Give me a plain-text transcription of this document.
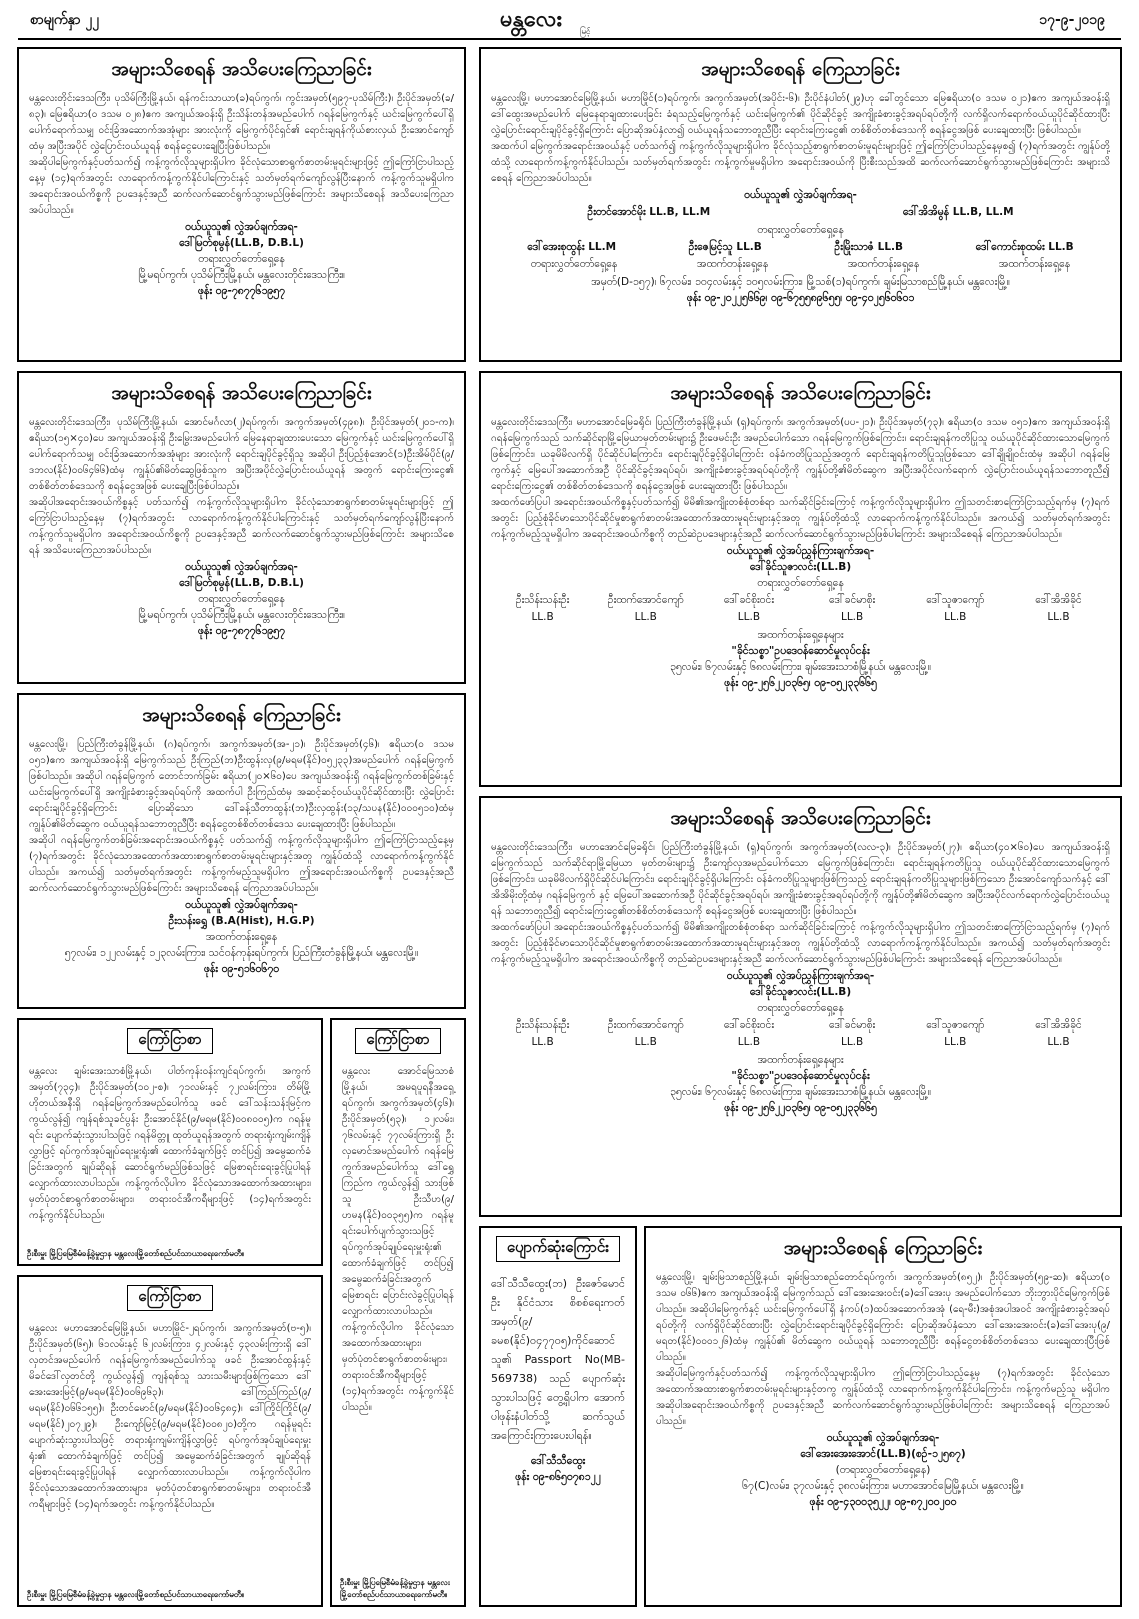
စာမျက်နှာ ၂၂	မန္တလေး မြင့်
၁၇-၉-၂၀၁၉
အများသိစေရန် အသိပေးကြေညာခြင်း

မန္တလေးတိုင်းဒေသကြီး၊ ပုသိမ်ကြီးမြို့နယ်၊ ရန်ကင်းသာယာ(ခ)ရပ်ကွက်၊ ကွင်းအမှတ်(၅၉၇-ပုသိမ်ကြီး)၊ ဦးပိုင်အမှတ်(ခ/၈၃)၊ မြေဧရိယာ(၀ ဒသမ ၀၂၈)ဧက အကျယ်အဝန်းရှိ ဦးသိန်းတန်အမည်ပေါက် ဂရန်မြေကွက်နှင့် ယင်းမြေကွက်ပေါ်ရှိ ပေါက်ရောက်သမျှ ဝင်းခြံအဆောက်အအုံများ အားလုံးကို မြေကွက်ပိုင်ရှင်၏ ရောင်းချရန်ကိုယ်စားလှယ် ဦးအောင်ကျော်ထံမှ အပြီးအပိုင် လွှဲပြောင်းဝယ်ယူရန် စရန်ငွေပေးချေပြီးဖြစ်ပါသည်။

အဆိုပါမြေကွက်နှင့်ပတ်သက်၍ ကန့်ကွက်လိုသူများရှိပါက ခိုင်လုံသောစာရွက်စာတမ်းမူရင်းများဖြင့် ဤကြော်ငြာပါသည့်နေ့မှ (၁၄)ရက်အတွင်း လာရောက်ကန့်ကွက်နိုင်ပါကြောင်းနှင့် သတ်မှတ်ရက်ကျော်လွန်ပြီးနောက် ကန့်ကွက်သူမရှိပါက အရောင်းအဝယ်ကိစ္စကို ဥပဒေနှင့်အညီ ဆက်လက်ဆောင်ရွက်သွားမည်ဖြစ်ကြောင်း အများသိစေရန် အသိပေးကြေညာအပ်ပါသည်။

ဝယ်ယူသူ၏ လွှဲအပ်ချက်အရ-
ဒေါ်မြတ်စုမွန်(LL.B, D.B.L)
တရားလွှတ်တော်ရှေ့နေ
မြို့မရပ်ကွက်၊ ပုသိမ်ကြီးမြို့နယ်၊ မန္တလေးတိုင်းဒေသကြီး။
ဖုန်း ၀၉-၇၈၇၇၆၁၉၅၇
အများသိစေရန် ကြေညာခြင်း

မန္တလေးမြို့၊ မဟာအောင်မြေမြို့နယ်၊ မဟာမြိုင်(၁)ရပ်ကွက်၊ အကွက်အမှတ်(အပိုင်း-၆)၊ ဦးပိုင်နံပါတ်(၂၉)ဟု ခေါ်တွင်သော မြေဧရိယာ(၀ ဒသမ ၀၂၁)ဧက အကျယ်အဝန်းရှိ ဒေါ်ထွေးအမည်ပေါက် မြေနေရာချထားပေးခြင်း ခံရသည့်မြေကွက်နှင့် ယင်းမြေကွက်၏ ပိုင်ဆိုင်ခွင့် အကျိုးခံစားခွင့်အရပ်ရပ်တို့ကို လက်ရှိလက်ရောက်ဝယ်ယူပိုင်ဆိုင်ထားပြီး လွှဲပြောင်းရောင်းချပိုင်ခွင့်ရှိကြောင်း ပြောဆိုအပ်နှံလာ၍ ဝယ်ယူရန်သဘောတူညီပြီး ရောင်းကြေးငွေ၏ တစ်စိတ်တစ်ဒေသကို စရန်ငွေအဖြစ် ပေးချေထားပြီး ဖြစ်ပါသည်။

အထက်ပါ မြေကွက်အရောင်းအဝယ်နှင့် ပတ်သက်၍ ကန့်ကွက်လိုသူများရှိပါက ခိုင်လုံသည့်စာရွက်စာတမ်းမူရင်းများဖြင့် ဤကြော်ငြာပါသည့်နေ့မှစ၍ (၇)ရက်အတွင်း ကျွန်ုပ်တို့ထံသို့ လာရောက်ကန့်ကွက်နိုင်ပါသည်။ သတ်မှတ်ရက်အတွင်း ကန့်ကွက်မှုမရှိပါက အရောင်းအဝယ်ကို ပြီးစီးသည်အထိ ဆက်လက်ဆောင်ရွက်သွားမည်ဖြစ်ကြောင်း အများသိစေရန် ကြေညာအပ်ပါသည်။

ဝယ်ယူသူ၏ လွှဲအပ်ချက်အရ-
ဦးတင်အောင်မိုး LL.B, LL.M	ဒေါ်အိအိမွန် LL.B, LL.M
တရားလွှတ်တော်ရှေ့နေ
ဒေါ်အေးစုထွန်း LL.M	ဦးဇေမြင့်သူ LL.B	ဦးမြိုးသာဇံ LL.B	ဒေါ်ကောင်းစုထမ်း LL.B
တရားလွှတ်တော်ရှေ့နေ	အထက်တန်းရှေ့နေ	အထက်တန်းရှေ့နေ	အထက်တန်းရှေ့နေ
အမှတ်(D-၁၅၇)၊ ၆၇လမ်း၊ ၁၀၄လမ်းနှင့် ၁၀၅လမ်းကြား၊ မြို့သစ်(၁)ရပ်ကွက်၊ ချမ်းမြသာစည်မြို့နယ်၊ မန္တလေးမြို့။
ဖုန်း ၀၉-၂၀၂၂၅၆၆၉၊ ၀၉-၆၇၅၅၈၉၆၅၅၊ ၀၉-၄၀၂၅၆၀၆၀၁
အများသိစေရန် အသိပေးကြေညာခြင်း

မန္တလေးတိုင်းဒေသကြီး၊ ပုသိမ်ကြီးမြို့နယ်၊ အောင်မင်္ဂလာ(၂)ရပ်ကွက်၊ အကွက်အမှတ်(၄၉၈)၊ ဦးပိုင်အမှတ်(၂၀၁-က)၊ ဧရိယာ(၁၅×၄၀)ပေ အကျယ်အဝန်းရှိ ဦးမြွေးအမည်ပေါက် မြေနေရာချထားပေးသော မြေကွက်နှင့် ယင်းမြေကွက်ပေါ်ရှိ ပေါက်ရောက်သမျှ ဝင်းခြံအဆောက်အအုံများ အားလုံးကို ရောင်းချပိုင်ခွင့်ရှိသူ အဆိုပါ ဦးပြည့်စုံအောင်(၁)ဦးအိမ်ပိုင်(၉/ဒဘလ(နိုင်)၀၀၆၄၆၆)ထံမှ ကျွန်ုပ်၏မိတ်ဆွေဖြစ်သူက အပြီးအပိုင်လွှဲပြောင်းဝယ်ယူရန် အတွက် ရောင်းကြေးငွေ၏ တစ်စိတ်တစ်ဒေသကို စရန်ငွေအဖြစ် ပေးချေပြီးဖြစ်ပါသည်။

အဆိုပါအရောင်းအဝယ်ကိစ္စနှင့် ပတ်သက်၍ ကန့်ကွက်လိုသူများရှိပါက ခိုင်လုံသောစာရွက်စာတမ်းမူရင်းများဖြင့် ဤကြော်ငြာပါသည့်နေ့မှ (၇)ရက်အတွင်း လာရောက်ကန့်ကွက်နိုင်ပါကြောင်းနှင့် သတ်မှတ်ရက်ကျော်လွန်ပြီးနောက် ကန့်ကွက်သူမရှိပါက အရောင်းအဝယ်ကိစ္စကို ဥပဒေနှင့်အညီ ဆက်လက်ဆောင်ရွက်သွားမည်ဖြစ်ကြောင်း အများသိစေရန် အသိပေးကြေညာအပ်ပါသည်။

ဝယ်ယူသူ၏ လွှဲအပ်ချက်အရ-
ဒေါ်မြတ်စုမွန်(LL.B, D.B.L)
တရားလွှတ်တော်ရှေ့နေ
မြို့မရပ်ကွက်၊ ပုသိမ်ကြီးမြို့နယ်၊ မန္တလေးတိုင်းဒေသကြီး။
ဖုန်း ၀၉-၇၈၇၇၆၁၉၅၇
အများသိစေရန် အသိပေးကြေညာခြင်း

မန္တလေးတိုင်းဒေသကြီး၊ မဟာအောင်မြေခရိုင်၊ ပြည်ကြီးတံခွန်မြို့နယ်၊ (ရှ)ရပ်ကွက်၊ အကွက်အမှတ်(ပပ-၂၁)၊ ဦးပိုင်အမှတ်(၇၃)၊ ဧရိယာ(၀ ဒသမ ၀၅၁)ဧက အကျယ်အဝန်းရှိ ဂရန်မြေကွက်သည် သက်ဆိုင်ရာမြို့မြေယာမှတ်တမ်းများ၌ ဦးဖေမင်းဦး အမည်ပေါက်သော ဂရန်မြေကွက်ဖြစ်ကြောင်း၊ ရောင်းချရန်ကတိပြုသူ ဝယ်ယူပိုင်ဆိုင်ထားသောမြေကွက်ဖြစ်ကြောင်း၊ ယခုမိမိလက်ရှိ ပိုင်ဆိုင်ပါကြောင်း၊ ရောင်းချပိုင်ခွင့်ရှိပါကြောင်း ဝန်ခံကတိပြုသည့်အတွက် ရောင်းချရန်ကတိပြုသူဖြစ်သော ဒေါ်ချိုချိုဝင်းထံမှ အဆိုပါ ဂရန်မြေကွက်နှင့် မြေပေါ်အဆောက်အဦ ပိုင်ဆိုင်ခွင့်အရပ်ရပ်၊ အကျိုးခံစားခွင့်အရပ်ရပ်တို့ကို ကျွန်ုပ်တို့၏မိတ်ဆွေက အပြီးအပိုင်လက်ရောက် လွှဲပြောင်းဝယ်ယူရန်သဘောတူညီ၍ ရောင်းကြေးငွေ၏ တစ်စိတ်တစ်ဒေသကို စရန်ငွေအဖြစ် ပေးချေထားပြီး ဖြစ်ပါသည်။

အထက်ဖော်ပြပါ အရောင်းအဝယ်ကိစ္စနှင့်ပတ်သက်၍ မိမိ၏အကျိုးတစ်စုံတစ်ရာ သက်ဆိုင်ခြင်းကြောင့် ကန့်ကွက်လိုသူများရှိပါက ဤသတင်းစာကြော်ငြာသည့်ရက်မှ (၇)ရက်အတွင်း ပြည့်စုံခိုင်မာသောပိုင်ဆိုင်မှုစာရွက်စာတမ်းအထောက်အထားမူရင်းများနှင့်အတူ ကျွန်ုပ်တို့ထံသို့ လာရောက်ကန့်ကွက်နိုင်ပါသည်။ အကယ်၍ သတ်မှတ်ရက်အတွင်း ကန့်ကွက်မည့်သူမရှိပါက အရောင်းအဝယ်ကိစ္စကို တည်ဆဲဥပဒေများနှင့်အညီ ဆက်လက်ဆောင်ရွက်သွားမည်ဖြစ်ပါကြောင်း အများသိစေရန် ကြေညာအပ်ပါသည်။

ဝယ်ယူသူ၏ လွှဲအပ်ညွှန်ကြားချက်အရ-
ဒေါ်ခိုင်သူဇာလင်း(LL.B)
တရားလွှတ်တော်ရှေ့နေ
ဦးသိန်းသန်းဦး	ဦးထက်အောင်ကျော်	ဒေါ်ခင်စိုးဝင်း	ဒေါ်ခင်မာစိုး	ဒေါ်သူဇာကျော်	ဒေါ်အိအိခိုင်
LL.B	LL.B	LL.B	LL.B	LL.B	LL.B
အထက်တန်းရှေ့နေများ
"ခိုင်သစ္စာ"ဥပဒေဝန်ဆောင်မှုလုပ်ငန်း
၃၅လမ်း၊ ၆၇လမ်းနှင့် ၆၈လမ်းကြား၊ ချမ်းအေးသာစံမြို့နယ်၊ မန္တလေးမြို့။
ဖုန်း ၀၉-၂၅၆၂၂၀၃၆၅၊ ၀၉-၀၅၂၃၃၆၆၅
အများသိစေရန် ကြေညာခြင်း

မန္တလေးမြို့၊ ပြည်ကြီးတံခွန်မြို့နယ်၊ (ဂ)ရပ်ကွက်၊ အကွက်အမှတ်(အ-၂၁)၊ ဦးပိုင်အမှတ်(၄၆)၊ ဧရိယာ(၀ ဒသမ ၀၅၁)ဧက အကျယ်အဝန်းရှိ မြေကွက်သည် ဦးကြည်(ဘ)ဦးထွန်းလှ(၉/မရမ(နိုင်)၀၅၂၃၃)အမည်ပေါက် ဂရန်မြေကွက်ဖြစ်ပါသည်။ အဆိုပါ ဂရန်မြေကွက် တောင်ဘက်ခြမ်း ဧရိယာ(၂၀×၆၀)ပေ အကျယ်အဝန်းရှိ ဂရန်မြေကွက်တစ်ခြမ်းနှင့် ယင်းမြေကွက်ပေါ်ရှိ အကျိုးခံစားခွင့်အရပ်ရပ်ကို အထက်ပါ ဦးကြည်ထံမှ အဆင့်ဆင့်ဝယ်ယူပိုင်ဆိုင်ထားပြီး လွှဲပြောင်းရောင်းချပိုင်ခွင့်ရှိကြောင်း ပြောဆိုသော ဒေါ်ခန့်သီတာထွန်း(ဘ)ဦးလှထွန်း(၁၃/သပန(နိုင်)၀၀၀၅၁၀)ထံမှ ကျွန်ုပ်၏မိတ်ဆွေက ဝယ်ယူရန်သဘောတူညီပြီး စရန်ငွေတစ်စိတ်တစ်ဒေသ ပေးချေထားပြီး ဖြစ်ပါသည်။

အဆိုပါ ဂရန်မြေကွက်တစ်ခြမ်းအရောင်းအဝယ်ကိစ္စနှင့် ပတ်သက်၍ ကန့်ကွက်လိုသူများရှိပါက ဤကြော်ငြာသည့်နေ့မှ (၇)ရက်အတွင်း ခိုင်လုံသောအထောက်အထားစာရွက်စာတမ်းမူရင်းများနှင့်အတူ ကျွန်ုပ်ထံသို့ လာရောက်ကန့်ကွက်နိုင်ပါသည်။ အကယ်၍ သတ်မှတ်ရက်အတွင်း ကန့်ကွက်မည့်သူမရှိပါက ဤအရောင်းအဝယ်ကိစ္စကို ဥပဒေနှင့်အညီ ဆက်လက်ဆောင်ရွက်သွားမည်ဖြစ်ကြောင်း အများသိစေရန် ကြေညာအပ်ပါသည်။

ဝယ်ယူသူ၏ လွှဲအပ်ချက်အရ-
ဦးသန်းရွှေ (B.A(Hist), H.G.P)
အထက်တန်းရှေ့နေ
၅၇လမ်း၊ ၁၂၂လမ်းနှင့် ၁၂၃လမ်းကြား၊ သင်ဝန်ကုန်းရပ်ကွက်၊ ပြည်ကြီးတံခွန်မြို့နယ်၊ မန္တလေးမြို့။
ဖုန်း ၀၉-၅၁၆၀၆၇၀
အများသိစေရန် အသိပေးကြေညာခြင်း

မန္တလေးတိုင်းဒေသကြီး၊ မဟာအောင်မြေခရိုင်၊ ပြည်ကြီးတံခွန်မြို့နယ်၊ (ရှ)ရပ်ကွက်၊ အကွက်အမှတ်(လလ-၃)၊ ဦးပိုင်အမှတ်(၂၇)၊ ဧရိယာ(၄၀×၆၀)ပေ အကျယ်အဝန်းရှိ မြေကွက်သည် သက်ဆိုင်ရာမြို့မြေယာ မှတ်တမ်းများ၌ ဦးကျော်လှအမည်ပေါက်သော မြေကွက်ဖြစ်ကြောင်း၊ ရောင်းချရန်ကတိပြုသူ ဝယ်ယူပိုင်ဆိုင်ထားသောမြေကွက်ဖြစ်ကြောင်း၊ ယခုမိမိလက်ရှိပိုင်ဆိုင်ပါကြောင်း၊ ရောင်းချပိုင်ခွင့်ရှိပါကြောင်း ဝန်ခံကတိပြုသူများဖြစ်ကြသည့် ရောင်းချရန်ကတိပြုသူများဖြစ်ကြသော ဦးအောင်ကျော်သက်နှင့် ဒေါ်အိအိမိုးတို့ထံမှ ဂရန်မြေကွက် နှင့် မြေပေါ်အဆောက်အဦ ပိုင်ဆိုင်ခွင့်အရပ်ရပ်၊ အကျိုးခံစားခွင့်အရပ်ရပ်တို့ကို ကျွန်ုပ်တို့၏မိတ်ဆွေက အပြီးအပိုင်လက်ရောက်လွှဲပြောင်းဝယ်ယူရန် သဘောတူညီ၍ ရောင်းကြေးငွေ၏တစ်စိတ်တစ်ဒေသကို စရန်ငွေအဖြစ် ပေးချေထားပြီး ဖြစ်ပါသည်။

အထက်ဖော်ပြပါ အရောင်းအဝယ်ကိစ္စနှင့်ပတ်သက်၍ မိမိ၏အကျိုးတစ်စုံတစ်ရာ သက်ဆိုင်ခြင်းကြောင့် ကန့်ကွက်လိုသူများရှိပါက ဤသတင်းစာကြော်ငြာသည့်ရက်မှ (၇)ရက်အတွင်း ပြည့်စုံခိုင်မာသောပိုင်ဆိုင်မှုစာရွက်စာတမ်းအထောက်အထားမူရင်းများနှင့်အတူ ကျွန်ုပ်တို့ထံသို့ လာရောက်ကန့်ကွက်နိုင်ပါသည်။ အကယ်၍ သတ်မှတ်ရက်အတွင်း ကန့်ကွက်မည့်သူမရှိပါက အရောင်းအဝယ်ကိစ္စကို တည်ဆဲဥပဒေများနှင့်အညီ ဆက်လက်ဆောင်ရွက်သွားမည်ဖြစ်ပါကြောင်း အများသိစေရန် ကြေညာအပ်ပါသည်။

ဝယ်ယူသူ၏ လွှဲအပ်ညွှန်ကြားချက်အရ-
ဒေါ်ခိုင်သူဇာလင်း(LL.B)
တရားလွှတ်တော်ရှေ့နေ
ဦးသိန်းသန်းဦး	ဦးထက်အောင်ကျော်	ဒေါ်ခင်စိုးဝင်း	ဒေါ်ခင်မာစိုး	ဒေါ်သူဇာကျော်	ဒေါ်အိအိခိုင်
LL.B	LL.B	LL.B	LL.B	LL.B	LL.B
အထက်တန်းရှေ့နေများ
"ခိုင်သစ္စာ"ဥပဒေဝန်ဆောင်မှုလုပ်ငန်း
၃၅လမ်း၊ ၆၇လမ်းနှင့် ၆၈လမ်းကြား၊ ချမ်းအေးသာစံမြို့နယ်၊ မန္တလေးမြို့။
ဖုန်း ၀၉-၂၅၆၂၂၀၃၆၅၊ ၀၉-၀၅၂၃၃၆၆၅
ကြော်ငြာစာ

မန္တလေး ချမ်းအေးသာစံမြို့နယ်၊ ပါတ်ကုန်းဝန်းကျင်ရပ်ကွက်၊ အကွက်အမှတ်(၇၃၄)၊ ဦးပိုင်အမှတ်(၁၀၂-စ)၊ ၇၁လမ်းနှင့် ၇၂လမ်းကြား၊ တိမ်မြို့ဟိုတယ်အနီးရှိ ဂရန်မြေကွက်အမည်ပေါက်သူ ဖခင် ဒေါ်သန်းသန်းမြင့်က ကွယ်လွန်၍ ကျန်ရစ်သူခင်ပွန်း ဦးအောင်နိုင်(၉/မရမ(နိုင်)၀၀၈၀၀၅)က ဂရန်မူရင်း ပျောက်ဆုံးသွားပါသဖြင့် ဂရန်မိတ္တူ ထုတ်ယူရန်အတွက် တရားရုံးကျမ်းကျိန်လွှာဖြင့် ရပ်ကွက်အုပ်ချုပ်ရေးမှူးရုံး၏ ထောက်ခံချက်ဖြင့် တင်ပြ၍ အမွေဆက်ခံခြင်းအတွက် ချုပ်ဆိုရန် ဆောင်ရွက်မည်ဖြစ်သဖြင့် မြေစာရင်းရေးခွင့်ပြုပါရန် လျှောက်ထားလာပါသည်။ ကန့်ကွက်လိုပါက ခိုင်လုံသောအထောက်အထားများ၊ မှတ်ပုံတင်စာရွက်စာတမ်းများ၊ တရားဝင်အီကရီများဖြင့် (၁၄)ရက်အတွင်း ကန့်ကွက်နိုင်ပါသည်။

ဦးစီးမှူး မြို့ပြမြေစီမံခန့်ခွဲမှုဌာန မန္တလေးမြို့တော်စည်ပင်သာယာရေးကော်မတီ။
ကြော်ငြာစာ

မန္တလေး အောင်မြေသာစံမြို့နယ်၊ အမရပူရနီအရှေ့ရပ်ကွက်၊ အကွက်အမှတ်(၄၆)၊ ဦးပိုင်အမှတ်(၅၃)၊ ၁၂လမ်း၊ ၇၆လမ်းနှင့် ၇၇လမ်းကြားရှိ ဦးလှမောင်အမည်ပေါက် ဂရန်မြေကွက်အမည်ပေါက်သူ ဒေါ်ရွှေကြည်က ကွယ်လွန်၍ သားဖြစ်သူ ဦးသီဟ(၉/ဟမန(နိုင်)၀၀၃၅၅)က ဂရန်မူရင်းပေါက်ပျက်သွားသဖြင့် ရပ်ကွက်အုပ်ချုပ်ရေးမှူးရုံး၏ ထောက်ခံချက်ဖြင့် တင်ပြ၍ အမွေဆက်ခံခြင်းအတွက် မြေစာရင်း ပြောင်းလဲခွင့်ပြုပါရန် လျှောက်ထားလာပါသည်။ ကန့်ကွက်လိုပါက ခိုင်လုံသောအထောက်အထားများ၊ မှတ်ပုံတင်စာရွက်စာတမ်းများ၊ တရားဝင်အီကရီများဖြင့် (၁၄)ရက်အတွင်း ကန့်ကွက်နိုင်ပါသည်။

ဦးစီးမှူး မြို့ပြမြေစီမံခန့်ခွဲမှုဌာန မန္တလေးမြို့တော်စည်ပင်သာယာရေးကော်မတီ။
ကြော်ငြာစာ

မန္တလေး မဟာအောင်မြေမြို့နယ်၊ မဟာမြိုင်-၂ရပ်ကွက်၊ အကွက်အမှတ်(ဗ-၅)၊ ဦးပိုင်အမှတ်(၆၅)၊ ၆၁လမ်းနှင့် ၆၂လမ်းကြား၊ ၄၂လမ်းနှင့် ၄၃လမ်းကြားရှိ ဒေါ်လှတင်အမည်ပေါက် ဂရန်မြေကွက်အမည်ပေါက်သူ ဖခင် ဦးအောင်ထွန်းနှင့် မိခင်ဒေါ်လှတင်တို့ ကွယ်လွန်၍ ကျန်ရစ်သူ သားသမီးများဖြစ်ကြသော ဒေါ်အေးအေးမြင့်(၉/မရမ(နိုင်)၀၀၆၉၆၃)၊ ဒေါ်ကြည်ကြည်(၉/မရမ(နိုင်)၀၆၆၁၅၅)၊ ဦးတင်မောင်(၉/မရမ(နိုင်)၀၀၆၄၈၄)၊ ဒေါ်ကြိုင်ကြိုင်(၉/မရမ(နိုင်)၂၀၇၂၉)၊ ဦးကျော်မြင့်(၉/မရမ(နိုင်)၀၀၈၂၀)တို့က ဂရန်မူရင်း ပျောက်ဆုံးသွားပါသဖြင့် တရားရုံးကျမ်းကျိန်လွှာဖြင့် ရပ်ကွက်အုပ်ချုပ်ရေးမှူးရုံး၏ ထောက်ခံချက်ဖြင့် တင်ပြ၍ အမွေဆက်ခံခြင်းအတွက် ချုပ်ဆိုရန် မြေစာရင်းရေးခွင့်ပြုပါရန် လျှောက်ထားလာပါသည်။ ကန့်ကွက်လိုပါက ခိုင်လုံသောအထောက်အထားများ၊ မှတ်ပုံတင်စာရွက်စာတမ်းများ၊ တရားဝင်အီကရီများဖြင့် (၁၄)ရက်အတွင်း ကန့်ကွက်နိုင်ပါသည်။

ဦးစီးမှူး မြို့ပြမြေစီမံခန့်ခွဲမှုဌာန မန္တလေးမြို့တော်စည်ပင်သာယာရေးကော်မတီ။
ပျောက်ဆုံးကြောင်း

ဒေါ်သီသီထွေး(ဘ) ဦးဇော်မောင်ဦး နိုင်ငံသား စိစစ်ရေးကတ်အမှတ်(၉/ခမစ(နိုင်)၀၄၇၇၀၅)ကိုင်ဆောင်သူ၏ Passport No(MB-569738) သည် ပျောက်ဆုံးသွားပါသဖြင့် တွေ့ရှိပါက အောက်ပါဖုန်းနံပါတ်သို့ ဆက်သွယ်အကြောင်းကြားပေးပါရန်။

ဒေါ်သီသီထွေး
ဖုန်း ၀၉-၈၆၅၀၇၈၁၂၂
အများသိစေရန် ကြေညာခြင်း

မန္တလေးမြို့၊ ချမ်းမြသာစည်မြို့နယ်၊ ချမ်းမြသာစည်တောင်ရပ်ကွက်၊ အကွက်အမှတ်(၈၅၂)၊ ဦးပိုင်အမှတ်(၅၉-ဆ)၊ ဧရိယာ(၀ ဒသမ ၀၆၆)ဧက အကျယ်အဝန်းရှိ မြေကွက်သည် ဒေါ်အေးအေးဝင်း(ခ)ဒေါ်အေးပု အမည်ပေါက်သော ဘိုးဘွားပိုင်မြေကွက်ဖြစ်ပါသည်။ အဆိုပါမြေကွက်နှင့် ယင်းမြေကွက်ပေါ်ရှိ နံကပ်(၁)ထပ်အဆောက်အအုံ (ရေ-မီး)အစုံအပါအဝင် အကျိုးခံစားခွင့်အရပ်ရပ်တို့ကို လက်ရှိပိုင်ဆိုင်ထားပြီး လွှဲပြောင်းရောင်းချပိုင်ခွင့်ရှိကြောင်း ပြောဆိုအပ်နှံသော ဒေါ်အေးအေးဝင်း(ခ)ဒေါ်အေးပု(၉/မရတ(နိုင်)၀၀၀၁၂၆)ထံမှ ကျွန်ုပ်၏ မိတ်ဆွေက ဝယ်ယူရန် သဘောတူညီပြီး စရန်ငွေတစ်စိတ်တစ်ဒေသ ပေးချေထားပြီးဖြစ်ပါသည်။

အဆိုပါမြေကွက်နှင့်ပတ်သက်၍ ကန့်ကွက်လိုသူများရှိပါက ဤကြော်ငြာပါသည့်နေ့မှ (၇)ရက်အတွင်း ခိုင်လုံသောအထောက်အထားစာရွက်စာတမ်းမူရင်းများနှင့်တကွ ကျွန်ုပ်ထံသို့ လာရောက်ကန့်ကွက်နိုင်ပါကြောင်း၊ ကန့်ကွက်မည့်သူ မရှိပါက အဆိုပါအရောင်းအဝယ်ကိစ္စကို ဥပဒေနှင့်အညီ ဆက်လက်ဆောင်ရွက်သွားမည်ဖြစ်ပါကြောင်း အများသိစေရန် ကြေညာအပ်ပါသည်။

ဝယ်ယူသူ၏ လွှဲအပ်ချက်အရ-
ဒေါ်အေးအေးအောင်(LL.B)(စဉ်-၁၂၅၈၇)
(တရားလွှတ်တော်ရှေ့နေ)
၆၇(C)လမ်း၊ ၃၇လမ်းနှင့် ၃၈လမ်းကြား၊ မဟာအောင်မြေမြို့နယ်၊ မန္တလေးမြို့။
ဖုန်း ၀၉-၄၃၀၀၃၅၂၂၊ ၀၉-၈၇၂၀၀၂၀၀
